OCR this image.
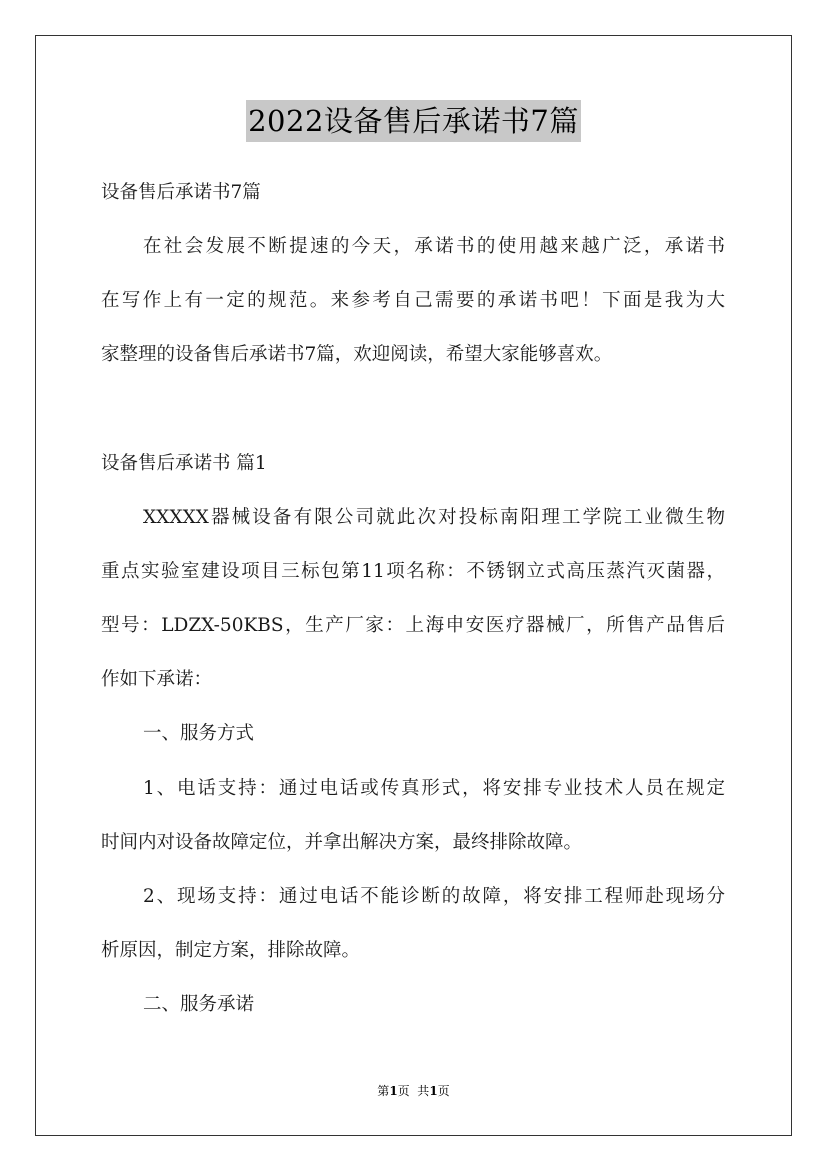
2022设备售后承诺书7篇
设备售后承诺书7篇
在社会发展不断提速的今天，承诺书的使用越来越广泛，承诺书
在写作上有一定的规范。来参考自己需要的承诺书吧！下面是我为大
家整理的设备售后承诺书7篇，欢迎阅读，希望大家能够喜欢。
设备售后承诺书 篇1
XXXXX器械设备有限公司就此次对投标南阳理工学院工业微生物
重点实验室建设项目三标包第11项名称：不锈钢立式高压蒸汽灭菌器，
型号：LDZX-50KBS，生产厂家：上海申安医疗器械厂，所售产品售后
作如下承诺：
一、服务方式
1、电话支持：通过电话或传真形式，将安排专业技术人员在规定
时间内对设备故障定位，并拿出解决方案，最终排除故障。
2、现场支持：通过电话不能诊断的故障，将安排工程师赴现场分
析原因，制定方案，排除故障。
二、服务承诺
第1页  共1页
